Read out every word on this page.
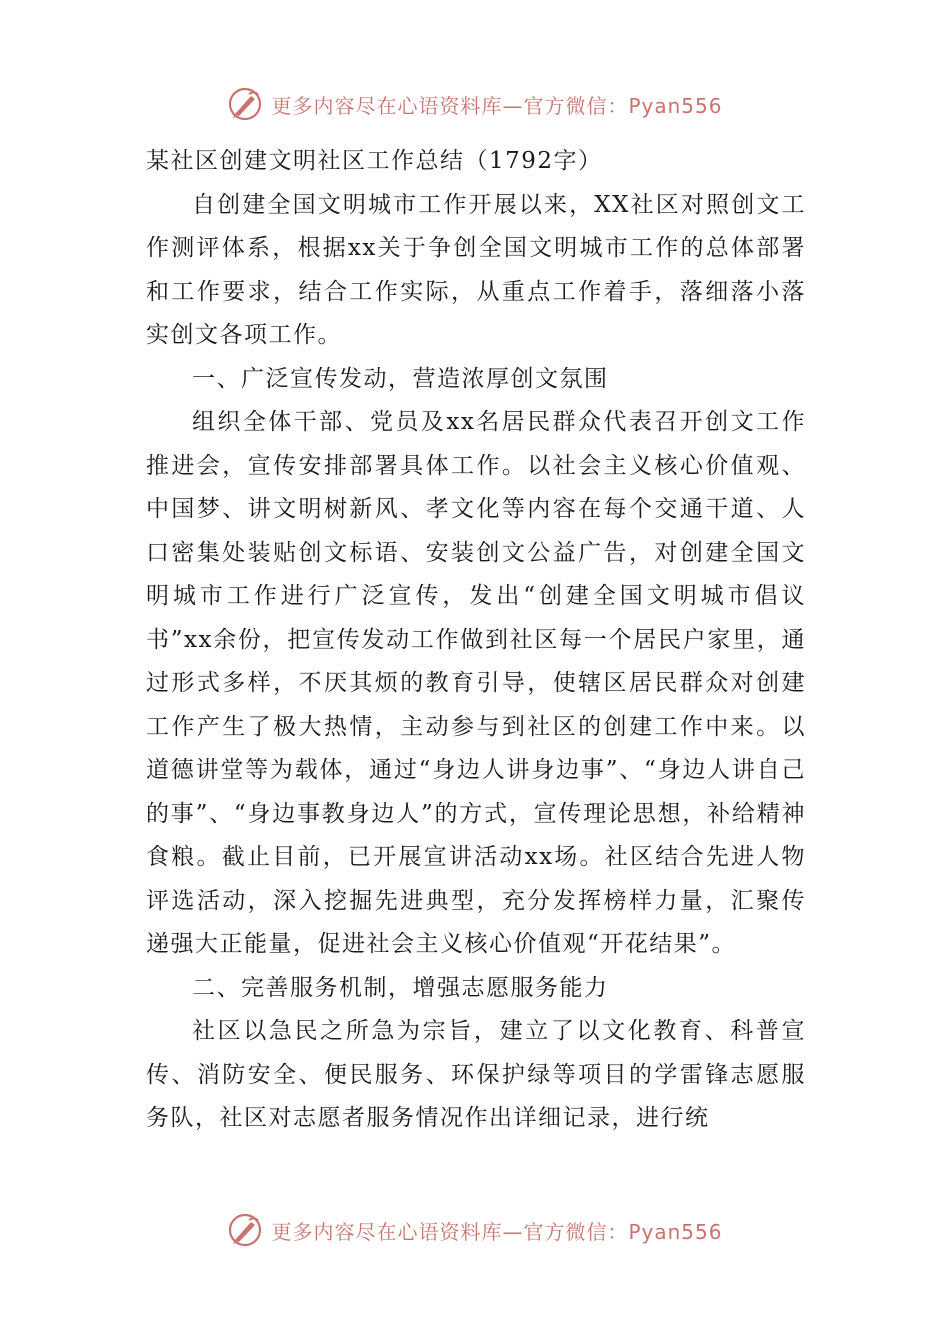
更多内容尽在心语资料库—官方微信：Pyan556
某社区创建文明社区工作总结（1792字）

自创建全国文明城市工作开展以来，XX社区对照创文工作测评体系，根据xx关于争创全国文明城市工作的总体部署和工作要求，结合工作实际，从重点工作着手，落细落小落实创文各项工作。

一、广泛宣传发动，营造浓厚创文氛围

组织全体干部、党员及xx名居民群众代表召开创文工作推进会，宣传安排部署具体工作。以社会主义核心价值观、中国梦、讲文明树新风、孝文化等内容在每个交通干道、人口密集处装贴创文标语、安装创文公益广告，对创建全国文明城市工作进行广泛宣传，发出“创建全国文明城市倡议书”xx余份，把宣传发动工作做到社区每一个居民户家里，通过形式多样，不厌其烦的教育引导，使辖区居民群众对创建工作产生了极大热情，主动参与到社区的创建工作中来。以道德讲堂等为载体，通过“身边人讲身边事”、“身边人讲自己的事”、“身边事教身边人”的方式，宣传理论思想，补给精神食粮。截止目前，已开展宣讲活动xx场。社区结合先进人物评选活动，深入挖掘先进典型，充分发挥榜样力量，汇聚传递强大正能量，促进社会主义核心价值观“开花结果”。

二、完善服务机制，增强志愿服务能力

社区以急民之所急为宗旨，建立了以文化教育、科普宣传、消防安全、便民服务、环保护绿等项目的学雷锋志愿服务队，社区对志愿者服务情况作出详细记录，进行统

更多内容尽在心语资料库—官方微信：Pyan556
